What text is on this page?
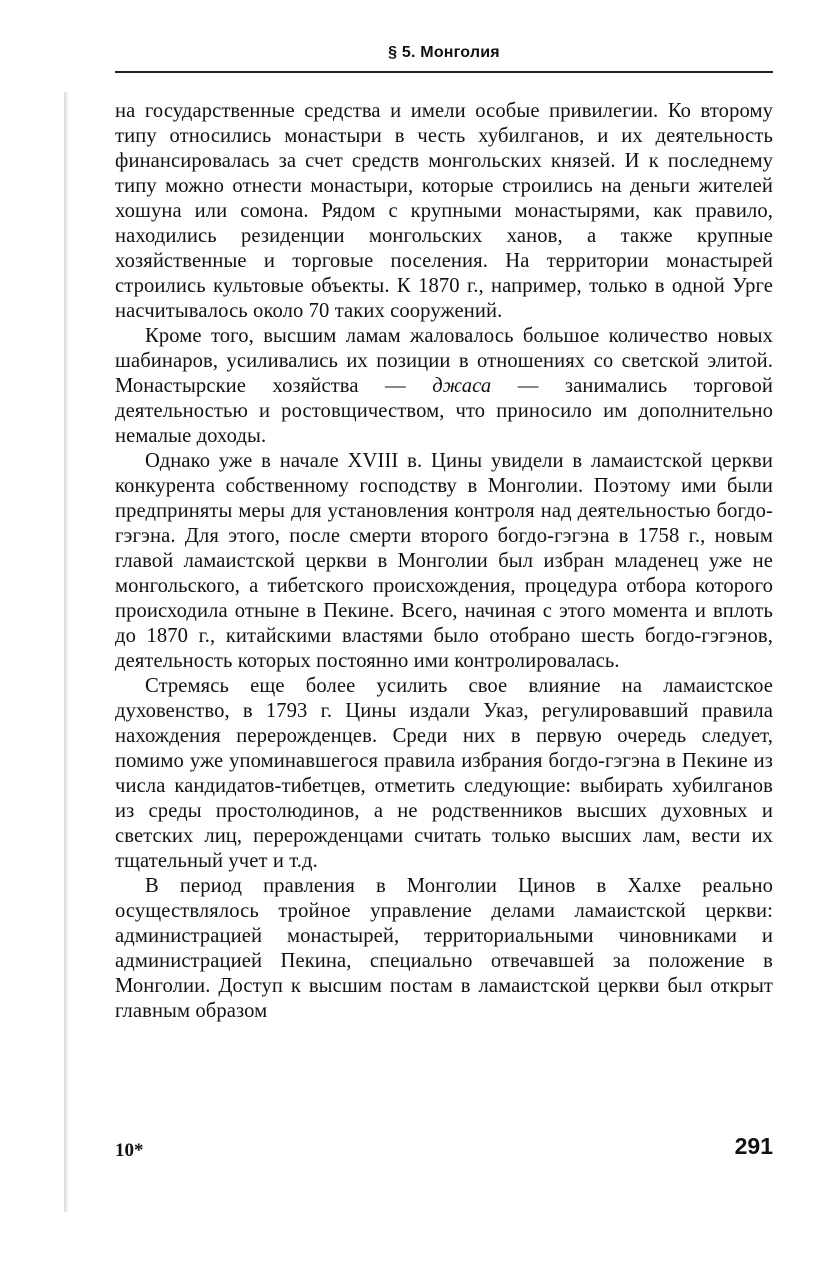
§ 5. Монголия

на государственные средства и имели особые привилегии. Ко второму типу относились монастыри в честь хубилганов, и их деятельность финансировалась за счет средств монгольских князей. И к последнему типу можно отнести монастыри, которые строились на деньги жителей хошуна или сомона. Рядом с крупными монастырями, как правило, находились резиденции монгольских ханов, а также крупные хозяйственные и торговые поселения. На территории монастырей строились культовые объекты. К 1870 г., например, только в одной Урге насчитывалось около 70 таких сооружений.

Кроме того, высшим ламам жаловалось большое количество новых шабинаров, усиливались их позиции в отношениях со светской элитой. Монастырские хозяйства — джаса — занимались торговой деятельностью и ростовщичеством, что приносило им дополнительно немалые доходы.

Однако уже в начале XVIII в. Цины увидели в ламаистской церкви конкурента собственному господству в Монголии. Поэтому ими были предприняты меры для установления контроля над деятельностью богдо-гэгэна. Для этого, после смерти второго богдо-гэгэна в 1758 г., новым главой ламаистской церкви в Монголии был избран младенец уже не монгольского, а тибетского происхождения, процедура отбора которого происходила отныне в Пекине. Всего, начиная с этого момента и вплоть до 1870 г., китайскими властями было отобрано шесть богдо-гэгэнов, деятельность которых постоянно ими контролировалась.

Стремясь еще более усилить свое влияние на ламаистское духовенство, в 1793 г. Цины издали Указ, регулировавший правила нахождения перерожденцев. Среди них в первую очередь следует, помимо уже упоминавшегося правила избрания богдо-гэгэна в Пекине из числа кандидатов-тибетцев, отметить следующие: выбирать хубилганов из среды простолюдинов, а не родственников высших духовных и светских лиц, перерожденцами считать только высших лам, вести их тщательный учет и т.д.

В период правления в Монголии Цинов в Халхе реально осуществлялось тройное управление делами ламаистской церкви: администрацией монастырей, территориальными чиновниками и администрацией Пекина, специально отвечавшей за положение в Монголии. Доступ к высшим постам в ламаистской церкви был открыт главным образом

10*	291
